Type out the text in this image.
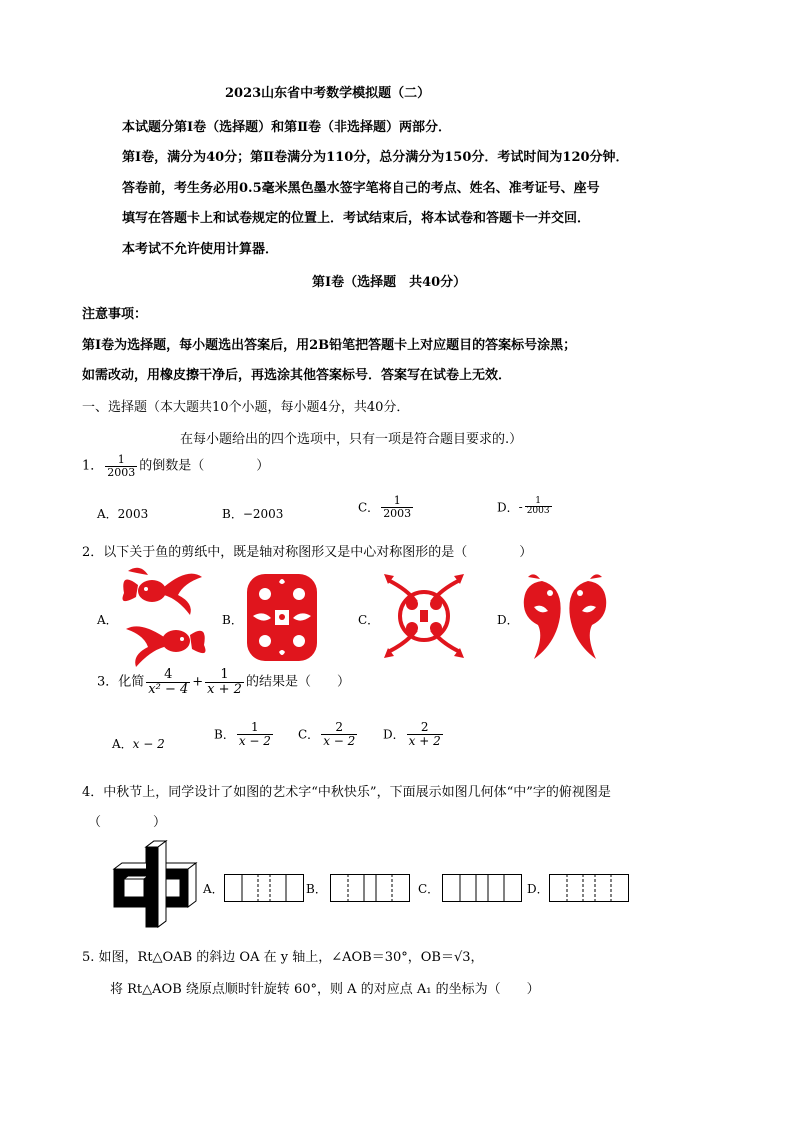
2023山东省中考数学模拟题（二）
本试题分第Ⅰ卷（选择题）和第Ⅱ卷（非选择题）两部分．
第Ⅰ卷，满分为40分；第Ⅱ卷满分为110分，总分满分为150分．考试时间为120分钟．
答卷前，考生务必用0.5毫米黑色墨水签字笔将自己的考点、姓名、准考证号、座号
填写在答题卡上和试卷规定的位置上．考试结束后，将本试卷和答题卡一并交回．
本考试不允许使用计算器．
第Ⅰ卷（选择题　共40分）
注意事项：
第Ⅰ卷为选择题，每小题选出答案后，用2B铅笔把答题卡上对应题目的答案标号涂黑；
如需改动，用橡皮擦干净后，再选涂其他答案标号．答案写在试卷上无效．
一、选择题（本大题共10个小题，每小题4分，共40分．
在每小题给出的四个选项中，只有一项是符合题目要求的.）
1． $\frac{1}{2003}$ 的倒数是（　　　　）
A．2003	B．−2003	C． $\frac{1}{2003}$	D．- $\frac{1}{2003}$
2．以下关于鱼的剪纸中，既是轴对称图形又是中心对称图形的是（　　　　）
A．	B．	C．	D．
3．化简 $\frac{4}{\text{x² − 4}} + \frac{1}{x + 2}$ 的结果是（　　）
A．x − 2
B． $\frac{1}{x - 2}$ C． $\frac{2}{x - 2}$ D． $\frac{2}{x + 2}$
4．中秋节上，同学设计了如图的艺术字“中秋快乐”，下面展示如图几何体“中”字的俯视图是
（　　　　）
A．	B．	C．	D．
5. 如图，Rt△OAB 的斜边 OA 在 y 轴上，∠AOB＝30°，OB＝√3，
将 Rt△AOB 绕原点顺时针旋转 60°，则 A 的对应点 A₁ 的坐标为（　　）
